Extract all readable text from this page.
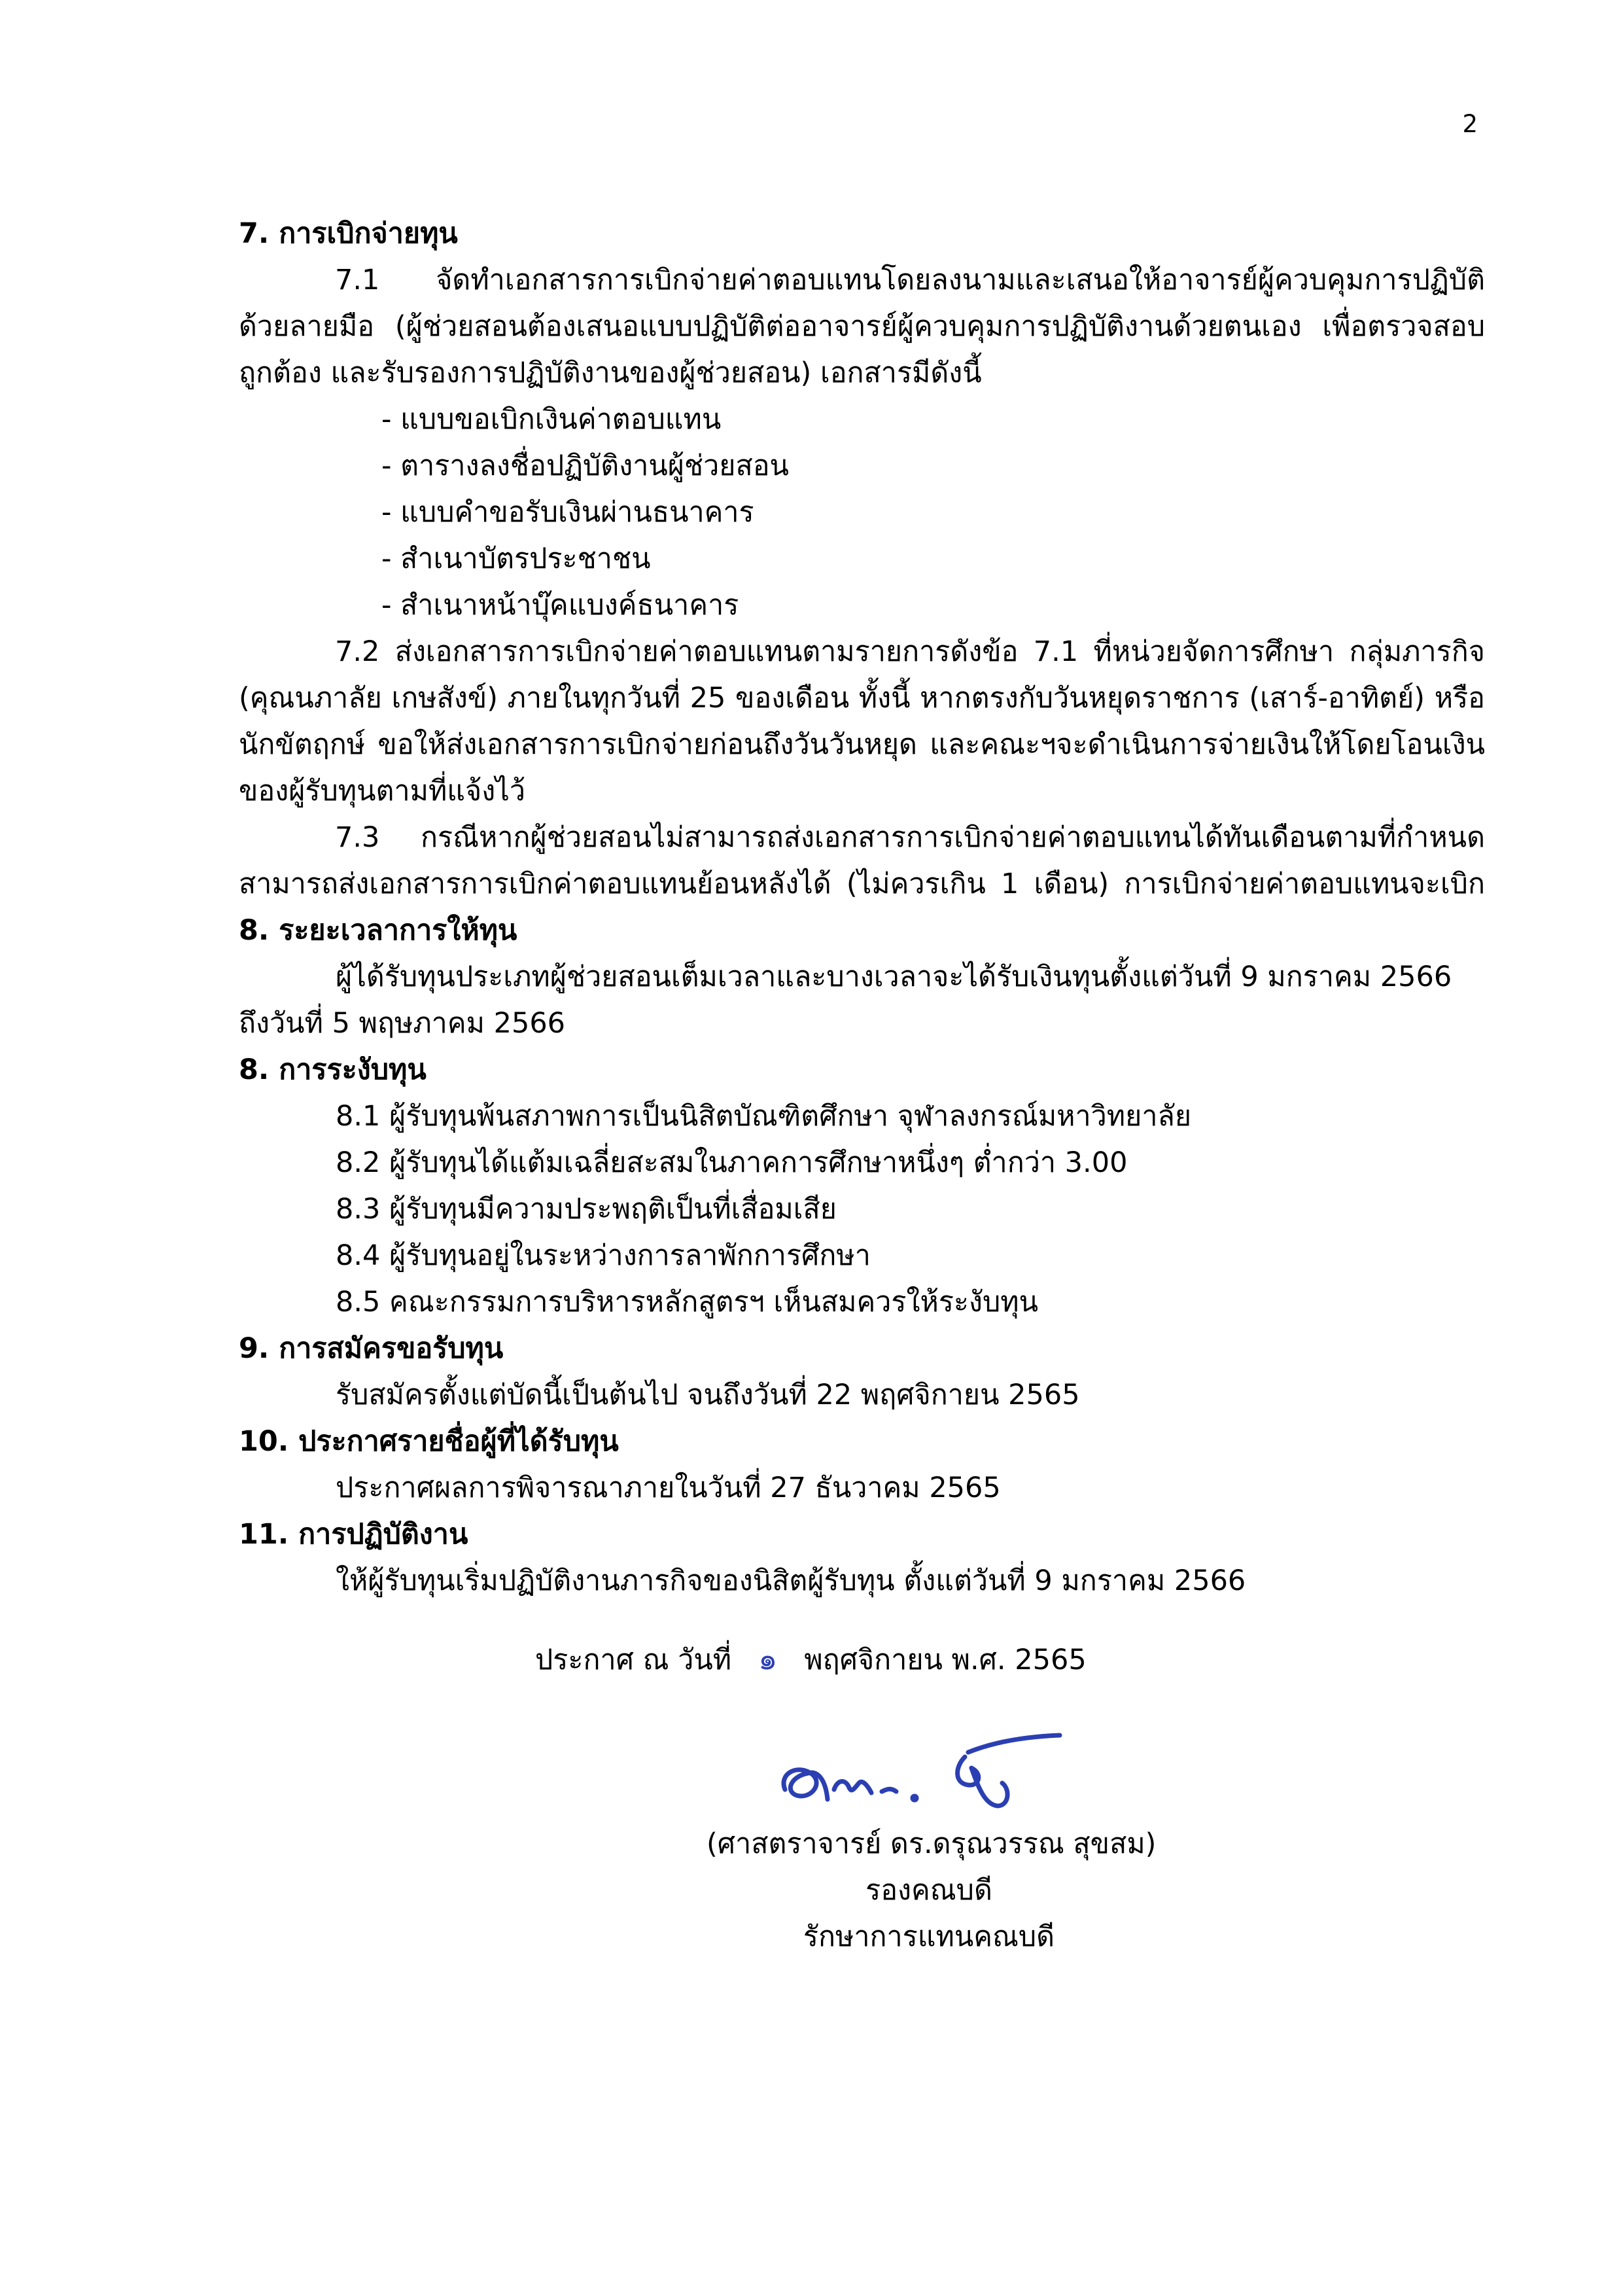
2
7. การเบิกจ่ายทุน
7.1 จัดทำเอกสารการเบิกจ่ายค่าตอบแทนโดยลงนามและเสนอให้อาจารย์ผู้ควบคุมการปฏิบัติ
ด้วยลายมือ (ผู้ช่วยสอนต้องเสนอแบบปฏิบัติต่ออาจารย์ผู้ควบคุมการปฏิบัติงานด้วยตนเอง เพื่อตรวจสอบ
ถูกต้อง และรับรองการปฏิบัติงานของผู้ช่วยสอน) เอกสารมีดังนี้
- แบบขอเบิกเงินค่าตอบแทน
- ตารางลงชื่อปฏิบัติงานผู้ช่วยสอน
- แบบคำขอรับเงินผ่านธนาคาร
- สำเนาบัตรประชาชน
- สำเนาหน้าบุ๊คแบงค์ธนาคาร
7.2 ส่งเอกสารการเบิกจ่ายค่าตอบแทนตามรายการดังข้อ 7.1 ที่หน่วยจัดการศึกษา กลุ่มภารกิจ
(คุณนภาลัย เกษสังข์) ภายในทุกวันที่ 25 ของเดือน ทั้งนี้ หากตรงกับวันหยุดราชการ (เสาร์-อาทิตย์) หรือ
นักขัตฤกษ์ ขอให้ส่งเอกสารการเบิกจ่ายก่อนถึงวันวันหยุด และคณะฯจะดำเนินการจ่ายเงินให้โดยโอนเงิน
ของผู้รับทุนตามที่แจ้งไว้
7.3 กรณีหากผู้ช่วยสอนไม่สามารถส่งเอกสารการเบิกจ่ายค่าตอบแทนได้ทันเดือนตามที่กำหนด
สามารถส่งเอกสารการเบิกค่าตอบแทนย้อนหลังได้ (ไม่ควรเกิน 1 เดือน) การเบิกจ่ายค่าตอบแทนจะเบิก
8. ระยะเวลาการให้ทุน
ผู้ได้รับทุนประเภทผู้ช่วยสอนเต็มเวลาและบางเวลาจะได้รับเงินทุนตั้งแต่วันที่ 9 มกราคม 2566
ถึงวันที่ 5 พฤษภาคม 2566
8. การระงับทุน
8.1 ผู้รับทุนพ้นสภาพการเป็นนิสิตบัณฑิตศึกษา จุฬาลงกรณ์มหาวิทยาลัย
8.2 ผู้รับทุนได้แต้มเฉลี่ยสะสมในภาคการศึกษาหนึ่งๆ ต่ำกว่า 3.00
8.3 ผู้รับทุนมีความประพฤติเป็นที่เสื่อมเสีย
8.4 ผู้รับทุนอยู่ในระหว่างการลาพักการศึกษา
8.5 คณะกรรมการบริหารหลักสูตรฯ เห็นสมควรให้ระงับทุน
9. การสมัครขอรับทุน
รับสมัครตั้งแต่บัดนี้เป็นต้นไป จนถึงวันที่ 22 พฤศจิกายน 2565
10. ประกาศรายชื่อผู้ที่ได้รับทุน
ประกาศผลการพิจารณาภายในวันที่ 27 ธันวาคม 2565
11. การปฏิบัติงาน
ให้ผู้รับทุนเริ่มปฏิบัติงานภารกิจของนิสิตผู้รับทุน ตั้งแต่วันที่ 9 มกราคม 2566
ประกาศ ณ วันที่ ๑ พฤศจิกายน พ.ศ. 2565
(ศาสตราจารย์ ดร.ดรุณวรรณ สุขสม)
รองคณบดี
รักษาการแทนคณบดี
